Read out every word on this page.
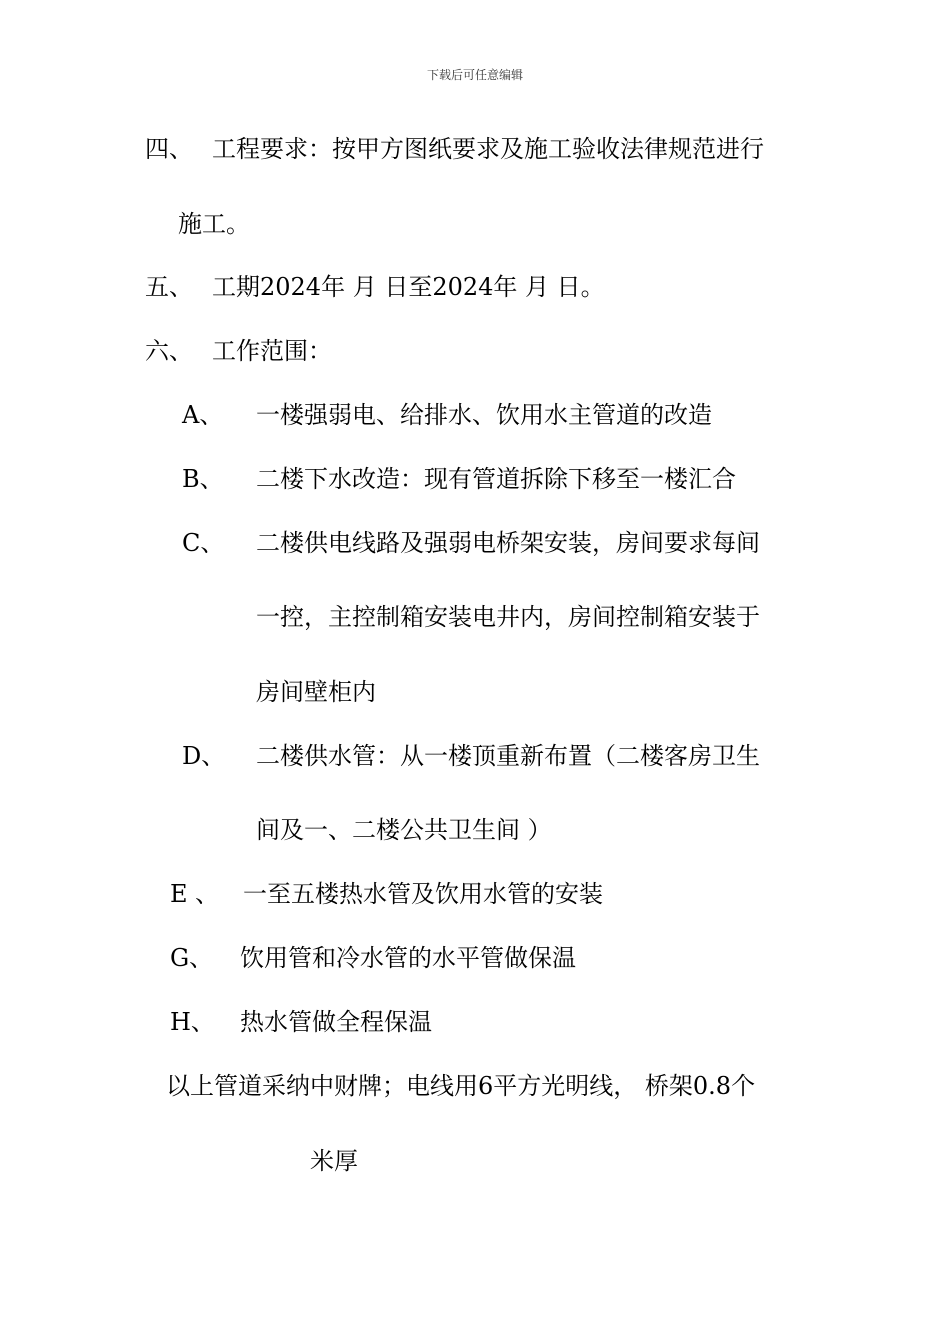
下载后可任意编辑
四、 工程要求：按甲方图纸要求及施工验收法律规范进行
施工。
五、 工期2024年 月 日至2024年 月 日。
六、 工作范围：
A、 一楼强弱电、给排水、饮用水主管道的改造
B、 二楼下水改造：现有管道拆除下移至一楼汇合
C、 二楼供电线路及强弱电桥架安装，房间要求每间
一控，主控制箱安装电井内，房间控制箱安装于
房间壁柜内
D、 二楼供水管：从一楼顶重新布置（二楼客房卫生
间及一、二楼公共卫生间 ）
E 、 一至五楼热水管及饮用水管的安装
G、 饮用管和冷水管的水平管做保温
H、 热水管做全程保温
以上管道采纳中财牌；电线用6平方光明线， 桥架0.8个
米厚
